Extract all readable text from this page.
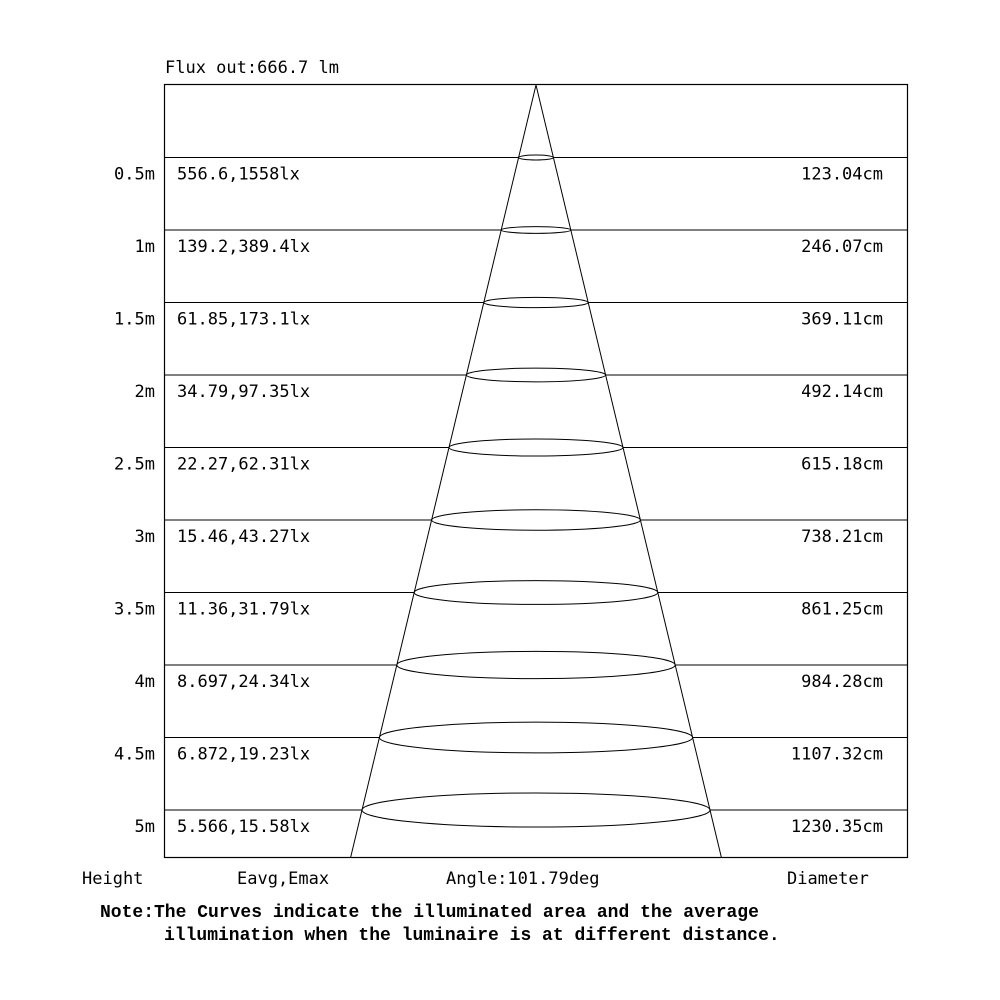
Flux out:666.7 lm
0.5m 556.6,1558lx	123.04cm
1m 139.2,389.4lx	246.07cm
1.5m 61.85,173.1lx	369.11cm
2m 34.79,97.35lx	492.14cm
2.5m 22.27,62.31lx	615.18cm
3m 15.46,43.27lx	738.21cm
3.5m 11.36,31.79lx	861.25cm
4m 8.697,24.34lx	984.28cm
4.5m 6.872,19.23lx	1107.32cm
5m 5.566,15.58lx	1230.35cm
Height	Eavg,Emax	Angle:101.79deg	Diameter
Note:The Curves indicate the illuminated area and the average
illumination when the luminaire is at different distance.
